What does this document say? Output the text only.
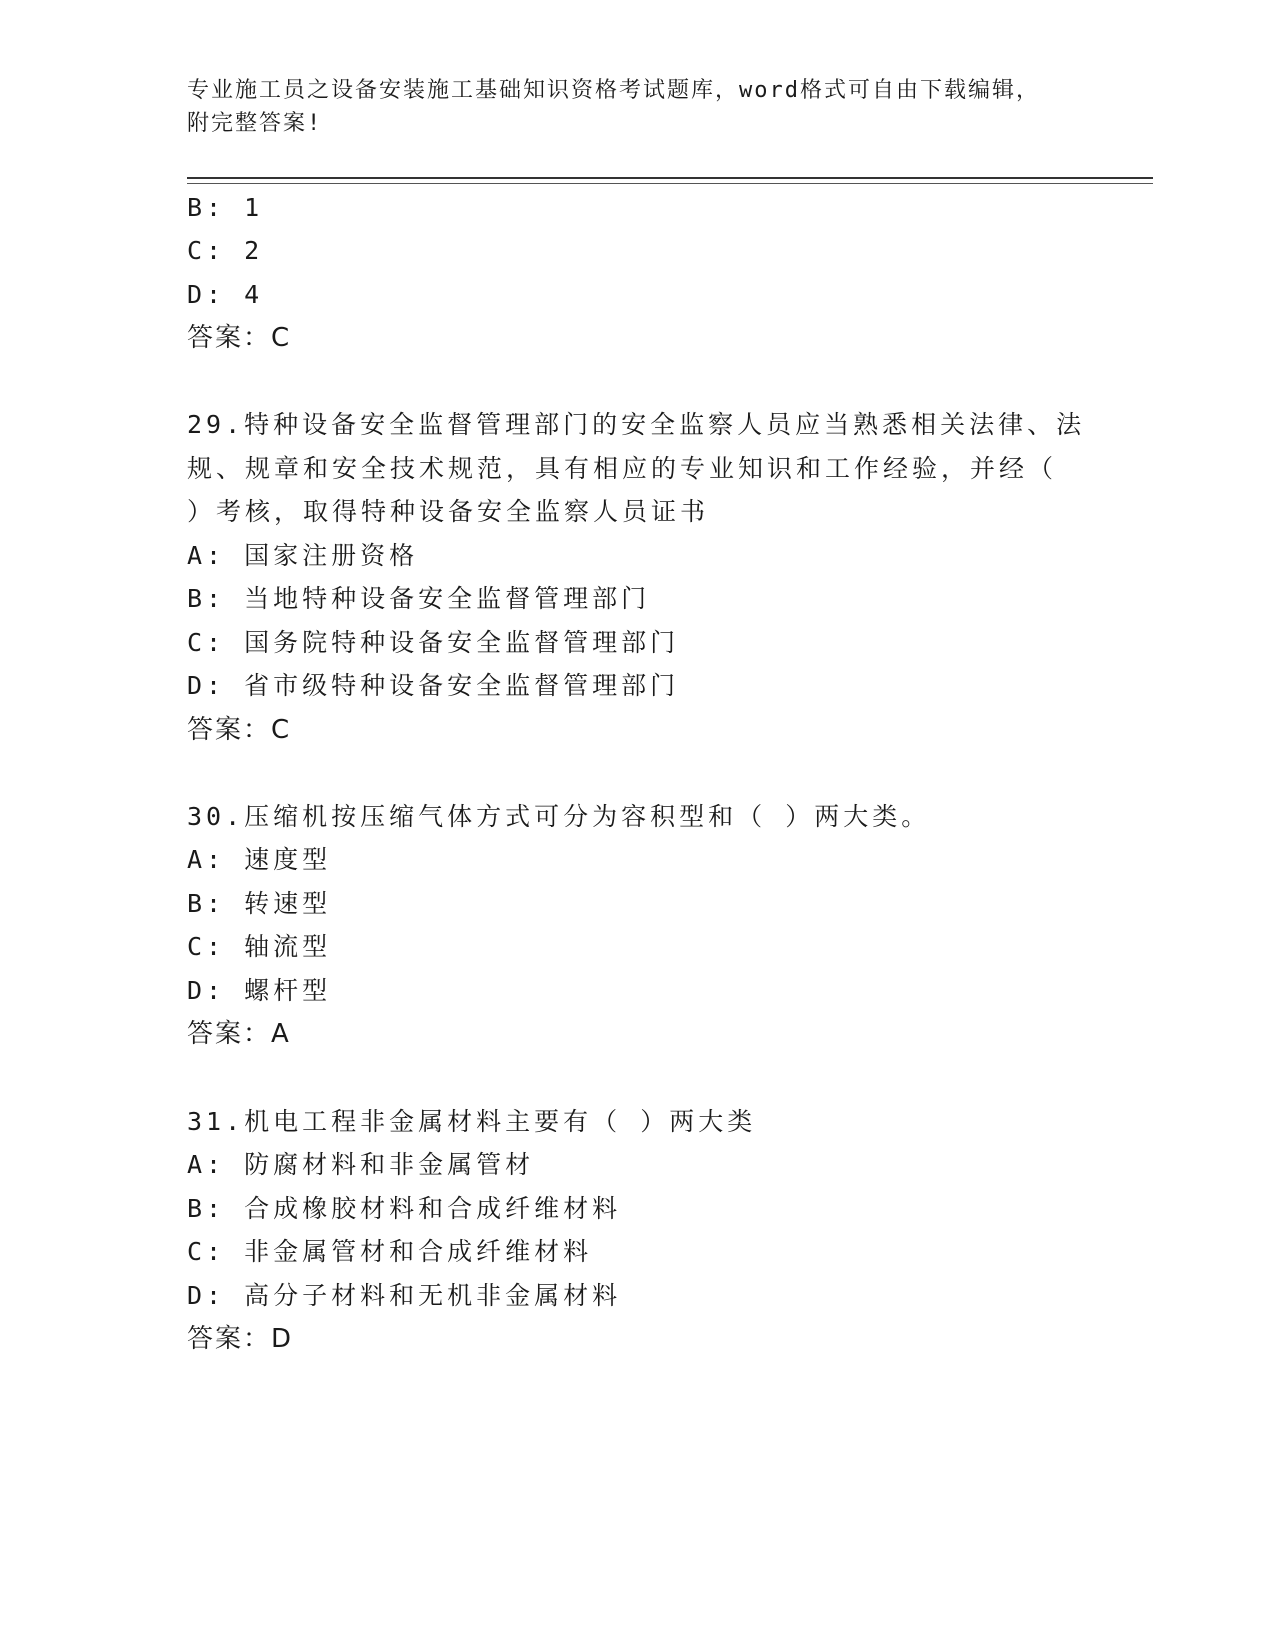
专业施工员之设备安装施工基础知识资格考试题库，word格式可自由下载编辑，
附完整答案!
B: 1
C: 2
D: 4
答案：C
29.特种设备安全监督管理部门的安全监察人员应当熟悉相关法律、法
规、规章和安全技术规范，具有相应的专业知识和工作经验，并经（
）考核，取得特种设备安全监察人员证书
A: 国家注册资格
B: 当地特种设备安全监督管理部门
C: 国务院特种设备安全监督管理部门
D: 省市级特种设备安全监督管理部门
答案：C
30.压缩机按压缩气体方式可分为容积型和（ ）两大类。
A: 速度型
B: 转速型
C: 轴流型
D: 螺杆型
答案：A
31.机电工程非金属材料主要有（ ）两大类
A: 防腐材料和非金属管材
B: 合成橡胶材料和合成纤维材料
C: 非金属管材和合成纤维材料
D: 高分子材料和无机非金属材料
答案：D
